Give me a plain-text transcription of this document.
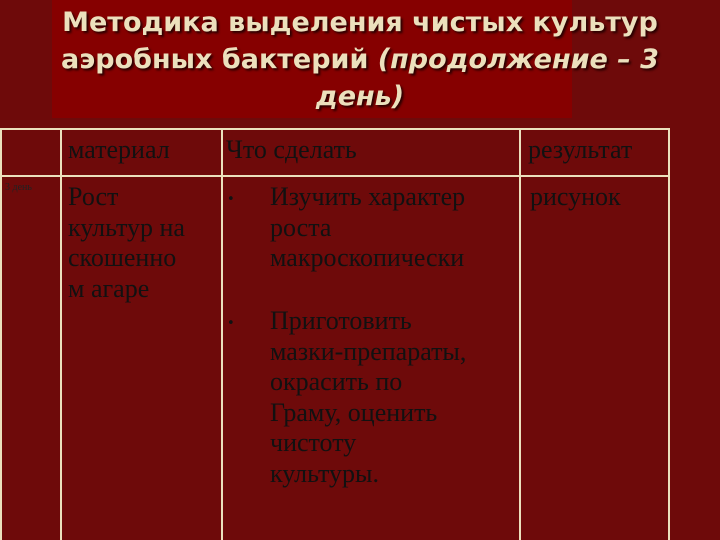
Методика выделения чистых культур
аэробных бактерий (продолжение – 3
день)
материал Что сделать	результат
3 день Рост
культур на
скошенно
м агаре
• Изучить характер
роста
макроскопически
• Приготовить
мазки-препараты,
окрасить по
Граму, оценить
чистоту
культуры.
рисунок
